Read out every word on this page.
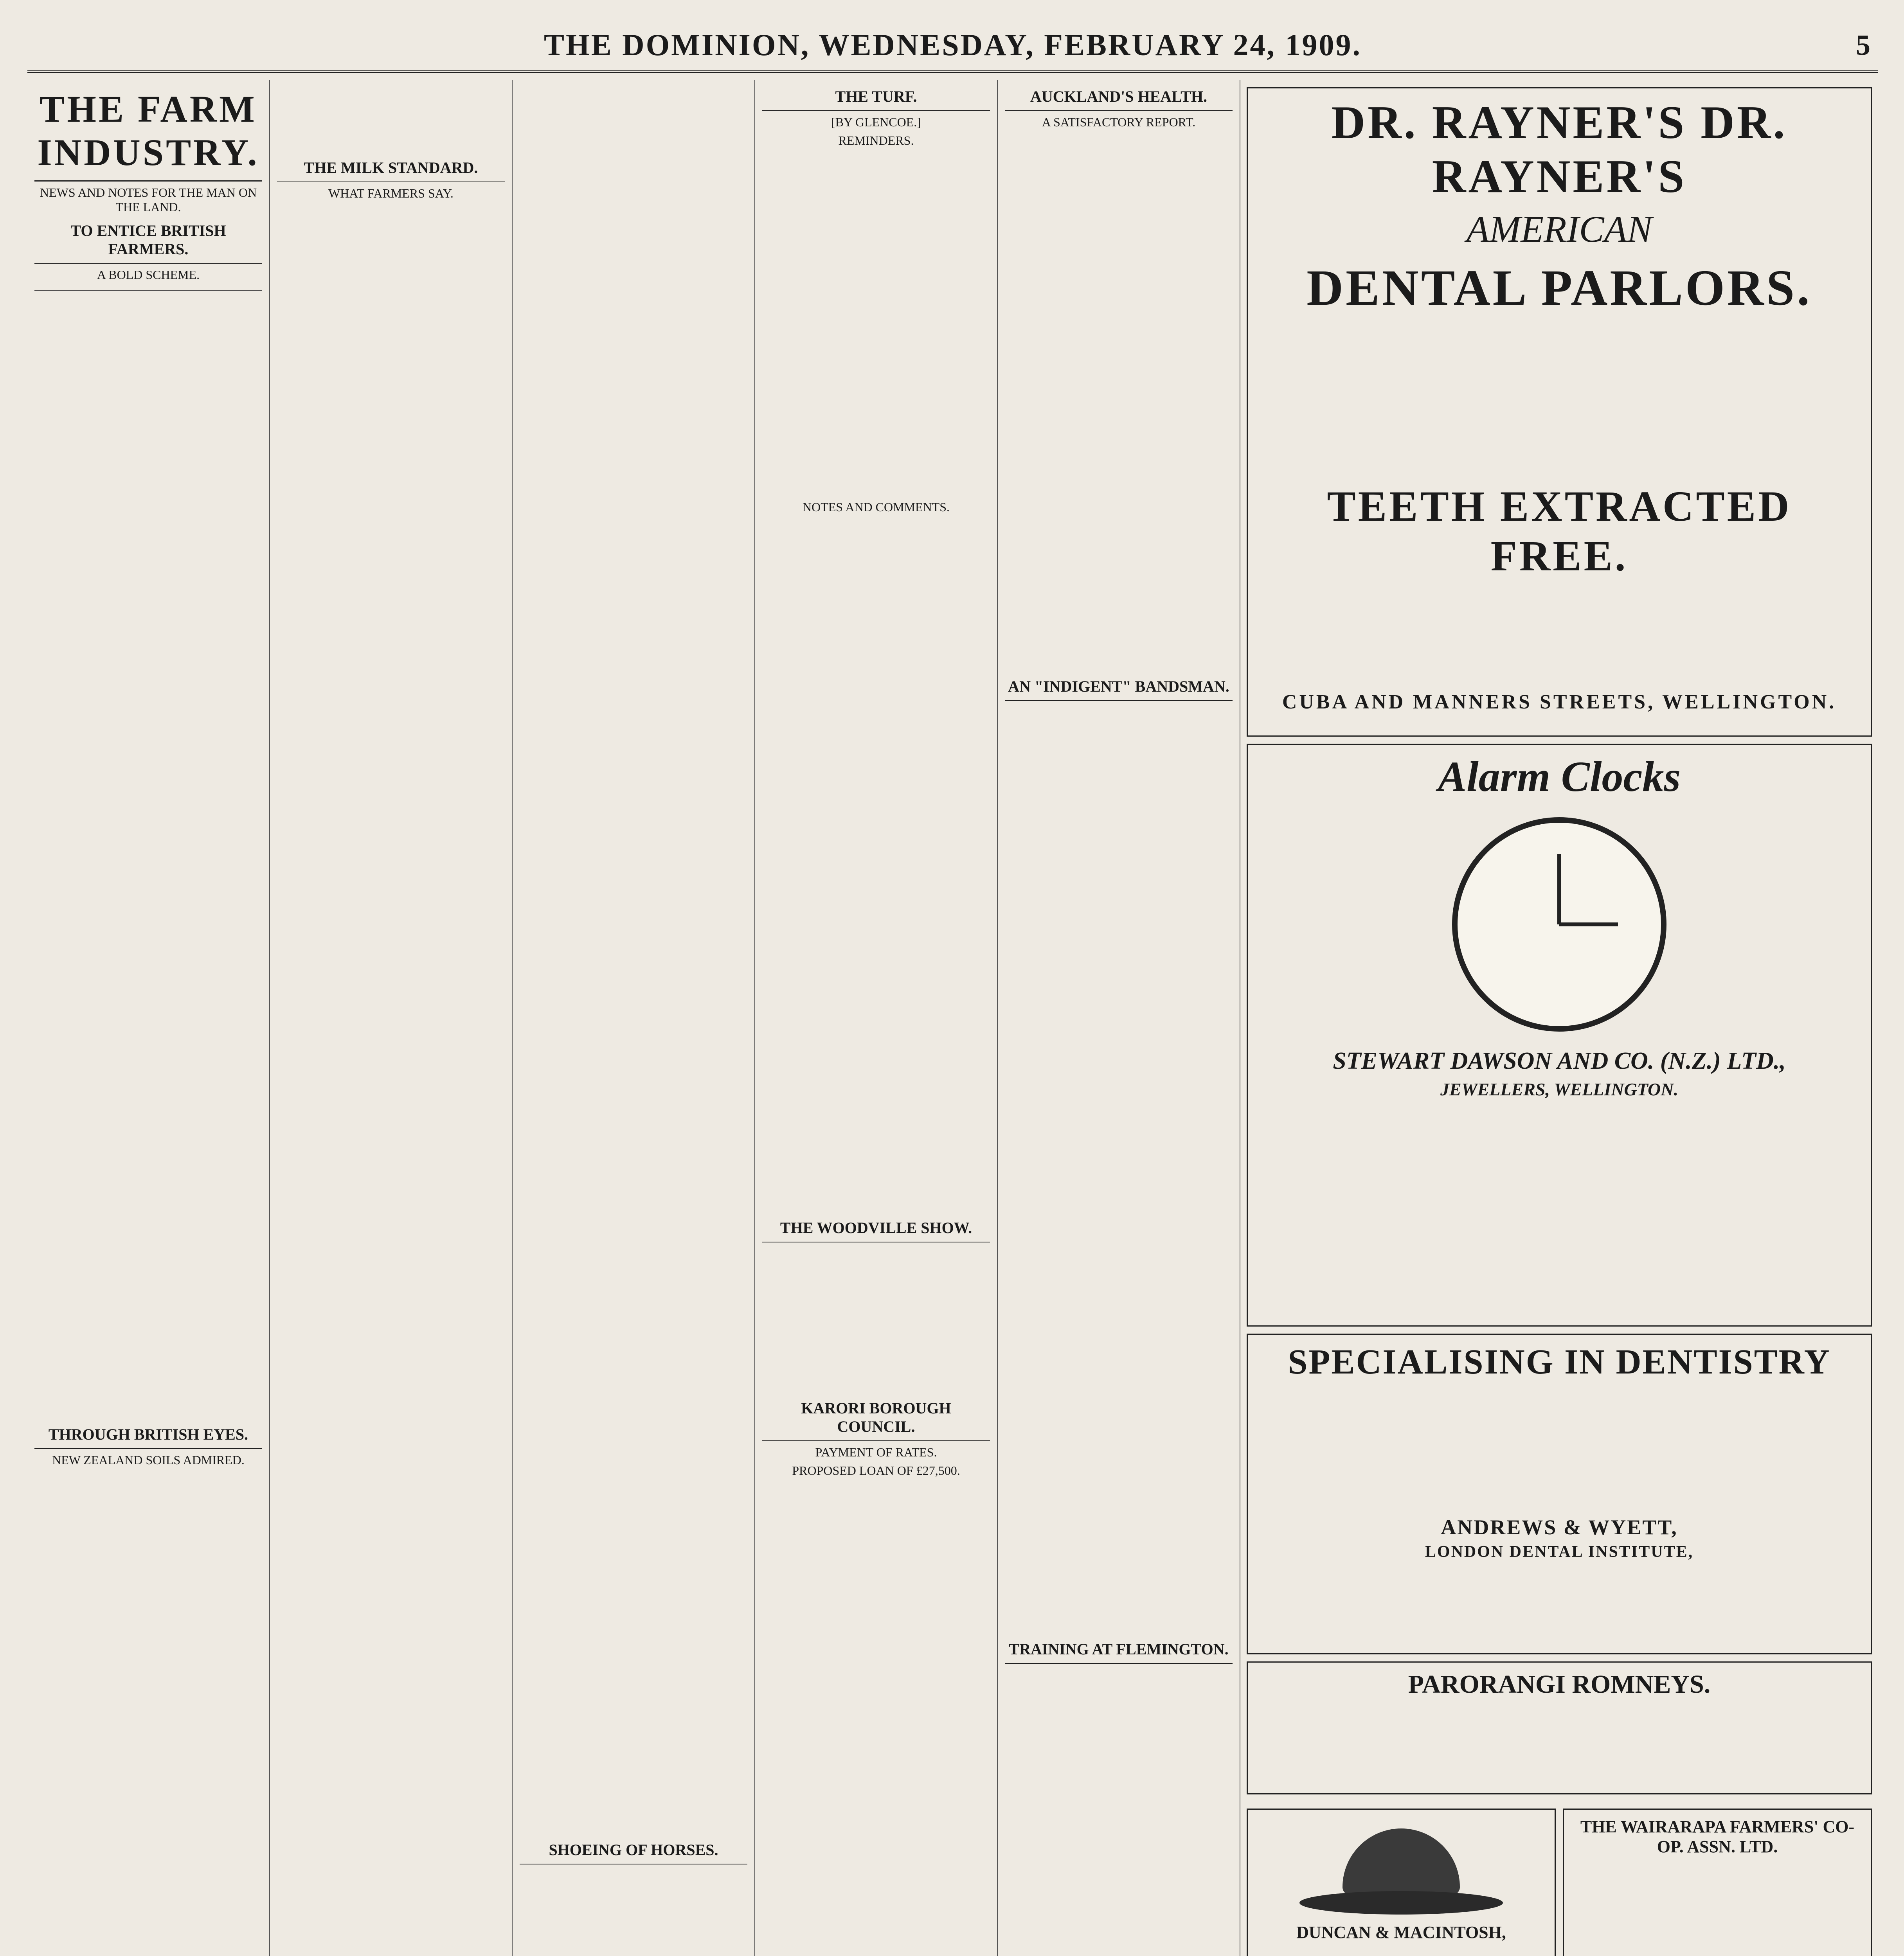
THE DOMINION, WEDNESDAY, FEBRUARY 24, 1909.	5
THE FARM INDUSTRY.
NEWS AND NOTES FOR THE MAN ON THE LAND.
TO ENTICE BRITISH FARMERS.
A BOLD SCHEME.
THROUGH BRITISH EYES.
NEW ZEALAND SOILS ADMIRED.
THE MILK STANDARD.
WHAT FARMERS SAY.
SHOEING OF HORSES.
THE TURF.
[BY GLENCOE.]
REMINDERS.
NOTES AND COMMENTS.
THE WOODVILLE SHOW.
KARORI BOROUGH COUNCIL.
PAYMENT OF RATES.
PROPOSED LOAN OF £27,500.
AUCKLAND'S HEALTH.
A SATISFACTORY REPORT.
AN "INDIGENT" BANDSMAN.
TRAINING AT FLEMINGTON.
DR. RAYNER'S DR. RAYNER'S
AMERICAN
DENTAL PARLORS.
TEETH EXTRACTED FREE.
CUBA AND MANNERS STREETS, WELLINGTON.
Alarm Clocks
STEWART DAWSON AND CO. (N.Z.) LTD.,
JEWELLERS, WELLINGTON.
SPECIALISING IN DENTISTRY
ANDREWS & WYETT,
LONDON DENTAL INSTITUTE,
PARORANGI ROMNEYS.
DUNCAN & MACINTOSH,
THE WAIRARAPA FARMERS' CO-OP. ASSN. LTD.
